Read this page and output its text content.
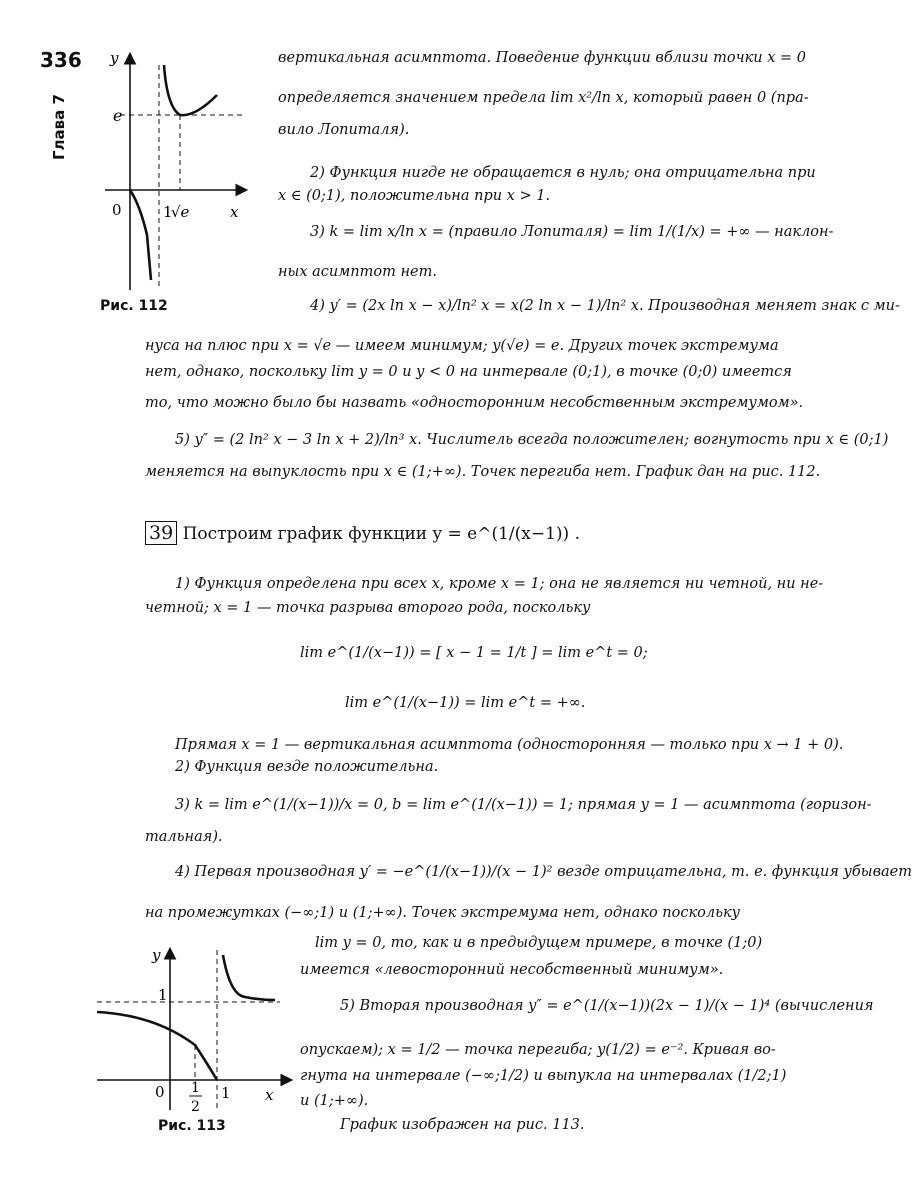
336
Глава 7
y
x
e
0	1
√e
Рис. 112
вертикальная асимптота. Поведение функции вблизи точки x = 0
определяется значением предела lim x²/ln x, который равен 0 (пра-
вило Лопиталя).
2) Функция нигде не обращается в нуль; она отрицательна при
x ∈ (0;1), положительна при x > 1.
3) k = lim x/ln x = (правило Лопиталя) = lim 1/(1/x) = +∞ — наклон-
ных асимптот нет.
4) y′ = (2x ln x − x)/ln² x = x(2 ln x − 1)/ln² x. Производная меняет знак с ми-
нуса на плюс при x = √e — имеем минимум; y(√e) = e. Других точек экстремума
нет, однако, поскольку lim y = 0 и y < 0 на интервале (0;1), в точке (0;0) имеется
то, что можно было бы назвать «односторонним несобственным экстремумом».
5) y″ = (2 ln² x − 3 ln x + 2)/ln³ x. Числитель всегда положителен; вогнутость при x ∈ (0;1)
меняется на выпуклость при x ∈ (1;+∞). Точек перегиба нет. График дан на рис. 112.
39 Построим график функции y = e^(1/(x−1)) .
1) Функция определена при всех x, кроме x = 1; она не является ни четной, ни не-
четной; x = 1 — точка разрыва второго рода, поскольку
lim e^(1/(x−1)) = [ x − 1 = 1/t ] = lim e^t = 0;
lim e^(1/(x−1)) = lim e^t = +∞.
Прямая x = 1 — вертикальная асимптота (односторонняя — только при x → 1 + 0).
2) Функция везде положительна.
3) k = lim e^(1/(x−1))/x = 0, b = lim e^(1/(x−1)) = 1; прямая y = 1 — асимптота (горизон-
тальная).
4) Первая производная y′ = −e^(1/(x−1))/(x − 1)² везде отрицательна, т. е. функция убывает
на промежутках (−∞;1) и (1;+∞). Точек экстремума нет, однако поскольку
lim y = 0, то, как и в предыдущем примере, в точке (1;0)
имеется «левосторонний несобственный минимум».
5) Вторая производная y″ = e^(1/(x−1))(2x − 1)/(x − 1)⁴ (вычисления
опускаем); x = 1/2 — точка перегиба; y(1/2) = e⁻². Кривая во-
гнута на интервале (−∞;1/2) и выпукла на интервалах (1/2;1)
и (1;+∞).
График изображен на рис. 113.
y
x
1
0 1
2
1
Рис. 113
